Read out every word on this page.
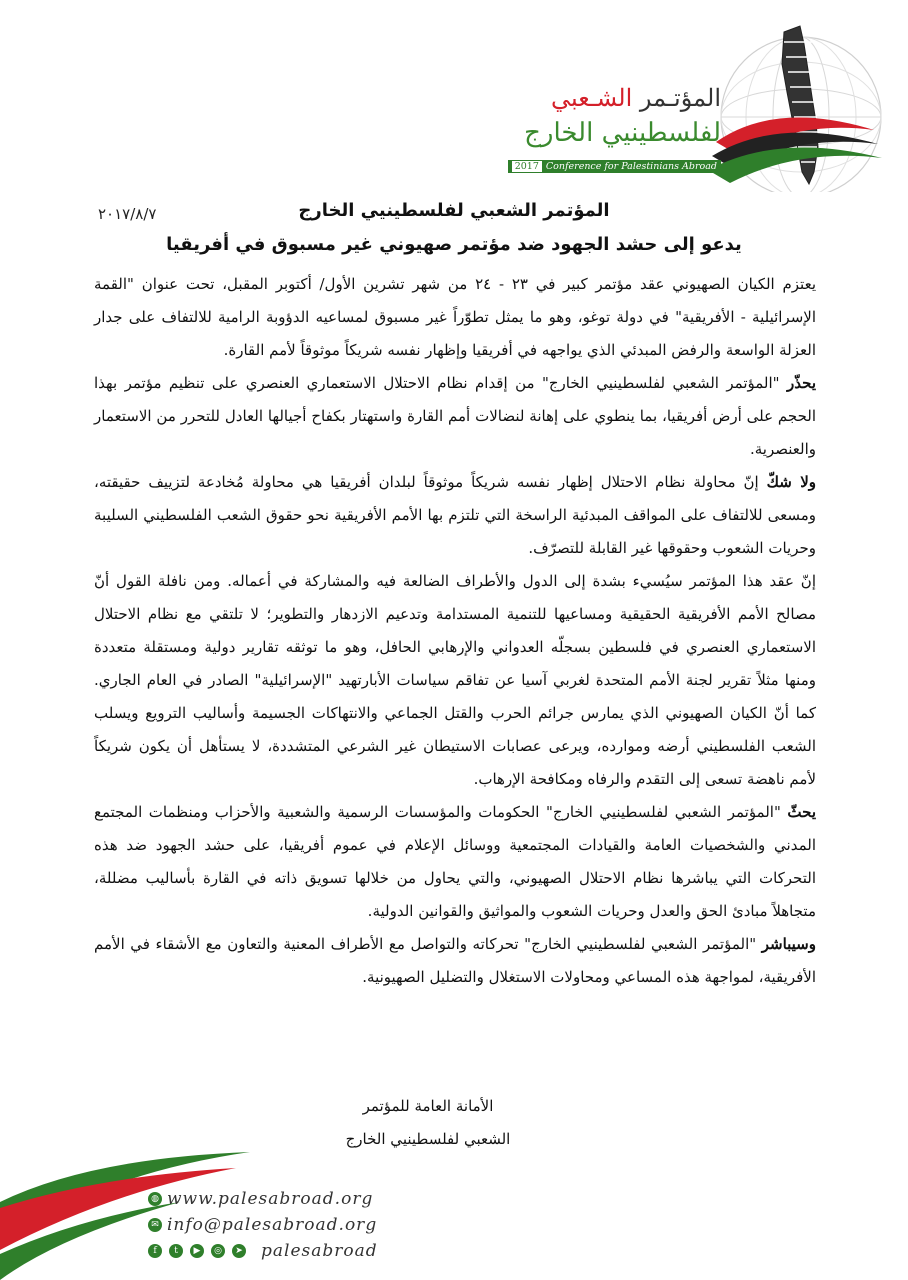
المؤتـمر الشـعبي
لفلسطينيي الخارج
2017 Conference for Palestinians Abroad
٢٠١٧/٨/٧	المؤتمر الشعبي لفلسطينيي الخارج
يدعو إلى حشد الجهود ضد مؤتمر صهيوني غير مسبوق في أفريقيا

يعتزم الكيان الصهيوني عقد مؤتمر كبير في ٢٣ - ٢٤ من شهر تشرين الأول/ أكتوبر المقبل، تحت عنوان "القمة الإسرائيلية - الأفريقية" في دولة توغو، وهو ما يمثل تطوّراً غير مسبوق لمساعيه الدؤوبة الرامية للالتفاف على جدار العزلة الواسعة والرفض المبدئي الذي يواجهه في أفريقيا وإظهار نفسه شريكاً موثوقاً لأمم القارة.

يحذّر "المؤتمر الشعبي لفلسطينيي الخارج" من إقدام نظام الاحتلال الاستعماري العنصري على تنظيم مؤتمر بهذا الحجم على أرض أفريقيا، بما ينطوي على إهانة لنضالات أمم القارة واستهتار بكفاح أجيالها العادل للتحرر من الاستعمار والعنصرية.

ولا شكّ إنّ محاولة نظام الاحتلال إظهار نفسه شريكاً موثوقاً لبلدان أفريقيا هي محاولة مُخادعة لتزييف حقيقته، ومسعى للالتفاف على المواقف المبدئية الراسخة التي تلتزم بها الأمم الأفريقية نحو حقوق الشعب الفلسطيني السليبة وحريات الشعوب وحقوقها غير القابلة للتصرّف.

إنّ عقد هذا المؤتمر سيُسيء بشدة إلى الدول والأطراف الضالعة فيه والمشاركة في أعماله. ومن نافلة القول أنّ مصالح الأمم الأفريقية الحقيقية ومساعيها للتنمية المستدامة وتدعيم الازدهار والتطوير؛ لا تلتقي مع نظام الاحتلال الاستعماري العنصري في فلسطين بسجلّه العدواني والإرهابي الحافل، وهو ما توثقه تقارير دولية ومستقلة متعددة ومنها مثلاً تقرير لجنة الأمم المتحدة لغربي آسيا عن تفاقم سياسات الأبارتهيد "الإسرائيلية" الصادر في العام الجاري. كما أنّ الكيان الصهيوني الذي يمارس جرائم الحرب والقتل الجماعي والانتهاكات الجسيمة وأساليب الترويع ويسلب الشعب الفلسطيني أرضه وموارده، ويرعى عصابات الاستيطان غير الشرعي المتشددة، لا يستأهل أن يكون شريكاً لأمم ناهضة تسعى إلى التقدم والرفاه ومكافحة الإرهاب.

يحثّ "المؤتمر الشعبي لفلسطينيي الخارج" الحكومات والمؤسسات الرسمية والشعبية والأحزاب ومنظمات المجتمع المدني والشخصيات العامة والقيادات المجتمعية ووسائل الإعلام في عموم أفريقيا، على حشد الجهود ضد هذه التحركات التي يباشرها نظام الاحتلال الصهيوني، والتي يحاول من خلالها تسويق ذاته في القارة بأساليب مضللة، متجاهلاً مبادئ الحق والعدل وحريات الشعوب والمواثيق والقوانين الدولية.

وسيباشر "المؤتمر الشعبي لفلسطينيي الخارج" تحركاته والتواصل مع الأطراف المعنية والتعاون مع الأشقاء في الأمم الأفريقية، لمواجهة هذه المساعي ومحاولات الاستغلال والتضليل الصهيونية.

الأمانة العامة للمؤتمر
الشعبي لفلسطينيي الخارج
◍ www.palesabroad.org
✉ info@palesabroad.org
f	t	▶	◎	➤ palesabroad
